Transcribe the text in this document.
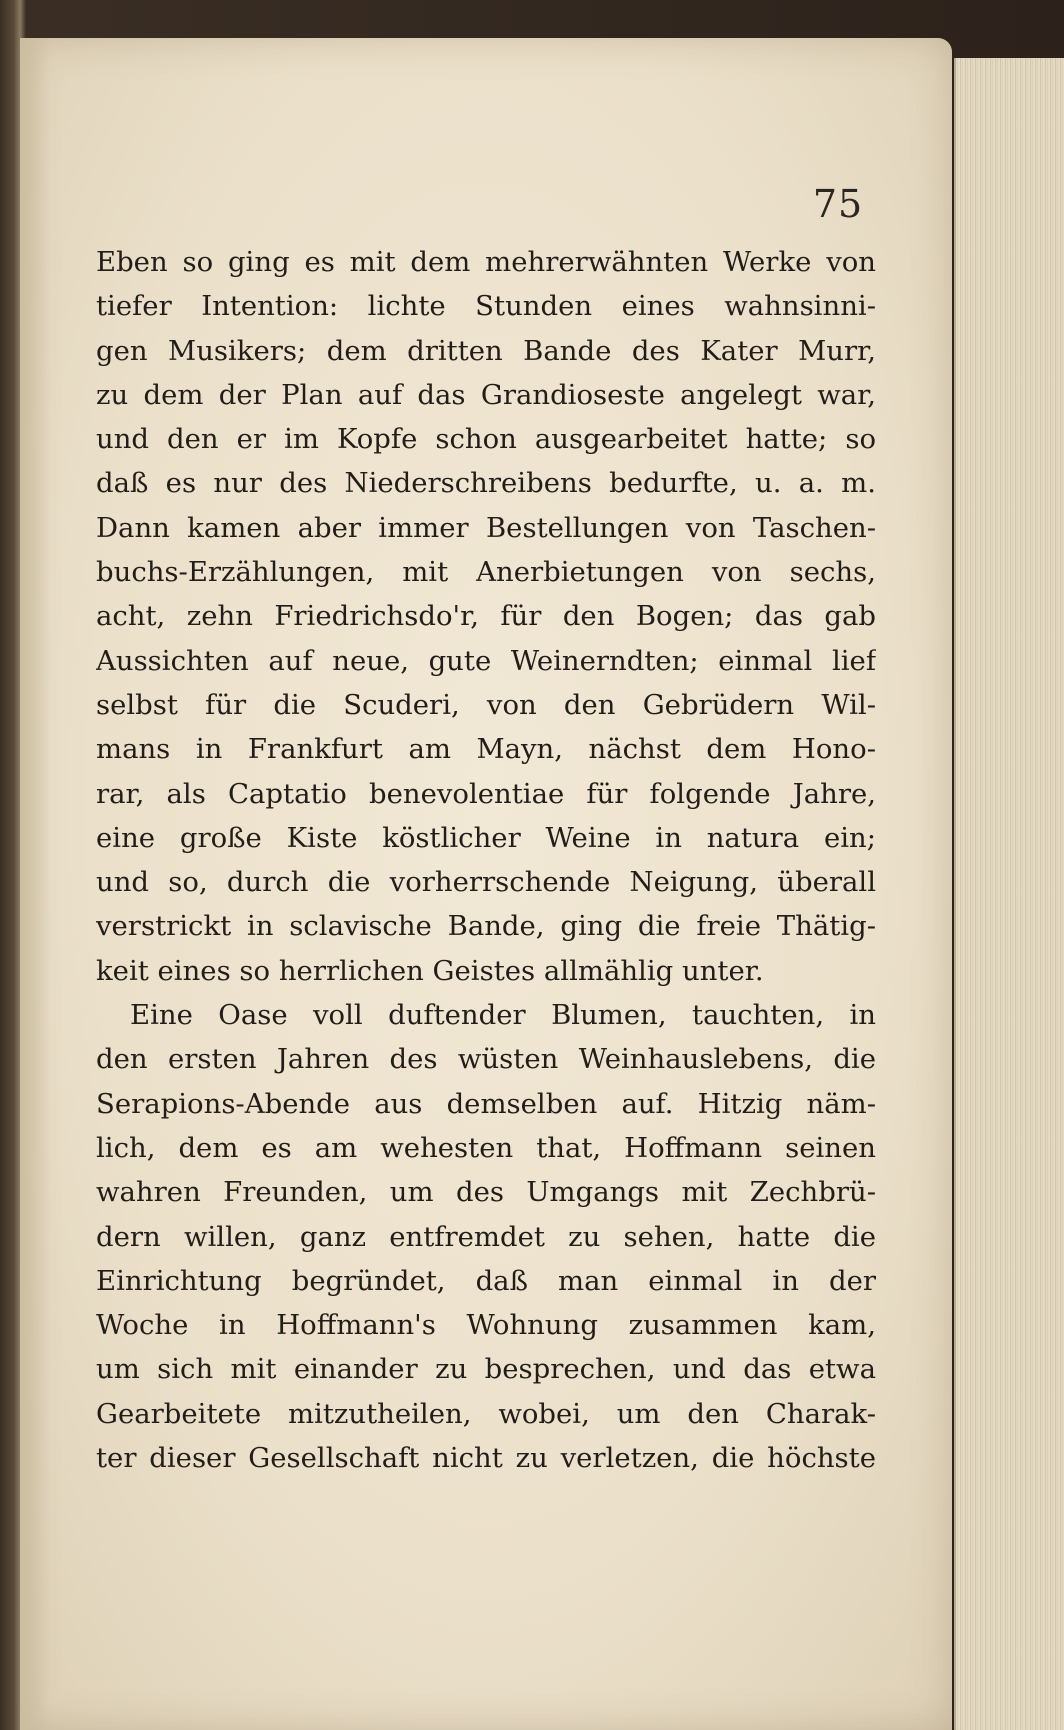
75
Eben so ging es mit dem mehrerwähnten Werke von
tiefer Intention: lichte Stunden eines wahnsinni-
gen Musikers; dem dritten Bande des Kater Murr,
zu dem der Plan auf das Grandioseste angelegt war,
und den er im Kopfe schon ausgearbeitet hatte; so
daß es nur des Niederschreibens bedurfte, u. a. m.
Dann kamen aber immer Bestellungen von Taschen-
buchs-Erzählungen, mit Anerbietungen von sechs,
acht, zehn Friedrichsdo'r, für den Bogen; das gab
Aussichten auf neue, gute Weinerndten; einmal lief
selbst für die Scuderi, von den Gebrüdern Wil-
mans in Frankfurt am Mayn, nächst dem Hono-
rar, als Captatio benevolentiae für folgende Jahre,
eine große Kiste köstlicher Weine in natura ein;
und so, durch die vorherrschende Neigung, überall
verstrickt in sclavische Bande, ging die freie Thätig-
keit eines so herrlichen Geistes allmählig unter.
Eine Oase voll duftender Blumen, tauchten, in
den ersten Jahren des wüsten Weinhauslebens, die
Serapions-Abende aus demselben auf. Hitzig näm-
lich, dem es am wehesten that, Hoffmann seinen
wahren Freunden, um des Umgangs mit Zechbrü-
dern willen, ganz entfremdet zu sehen, hatte die
Einrichtung begründet, daß man einmal in der
Woche in Hoffmann's Wohnung zusammen kam,
um sich mit einander zu besprechen, und das etwa
Gearbeitete mitzutheilen, wobei, um den Charak-
ter dieser Gesellschaft nicht zu verletzen, die höchste
